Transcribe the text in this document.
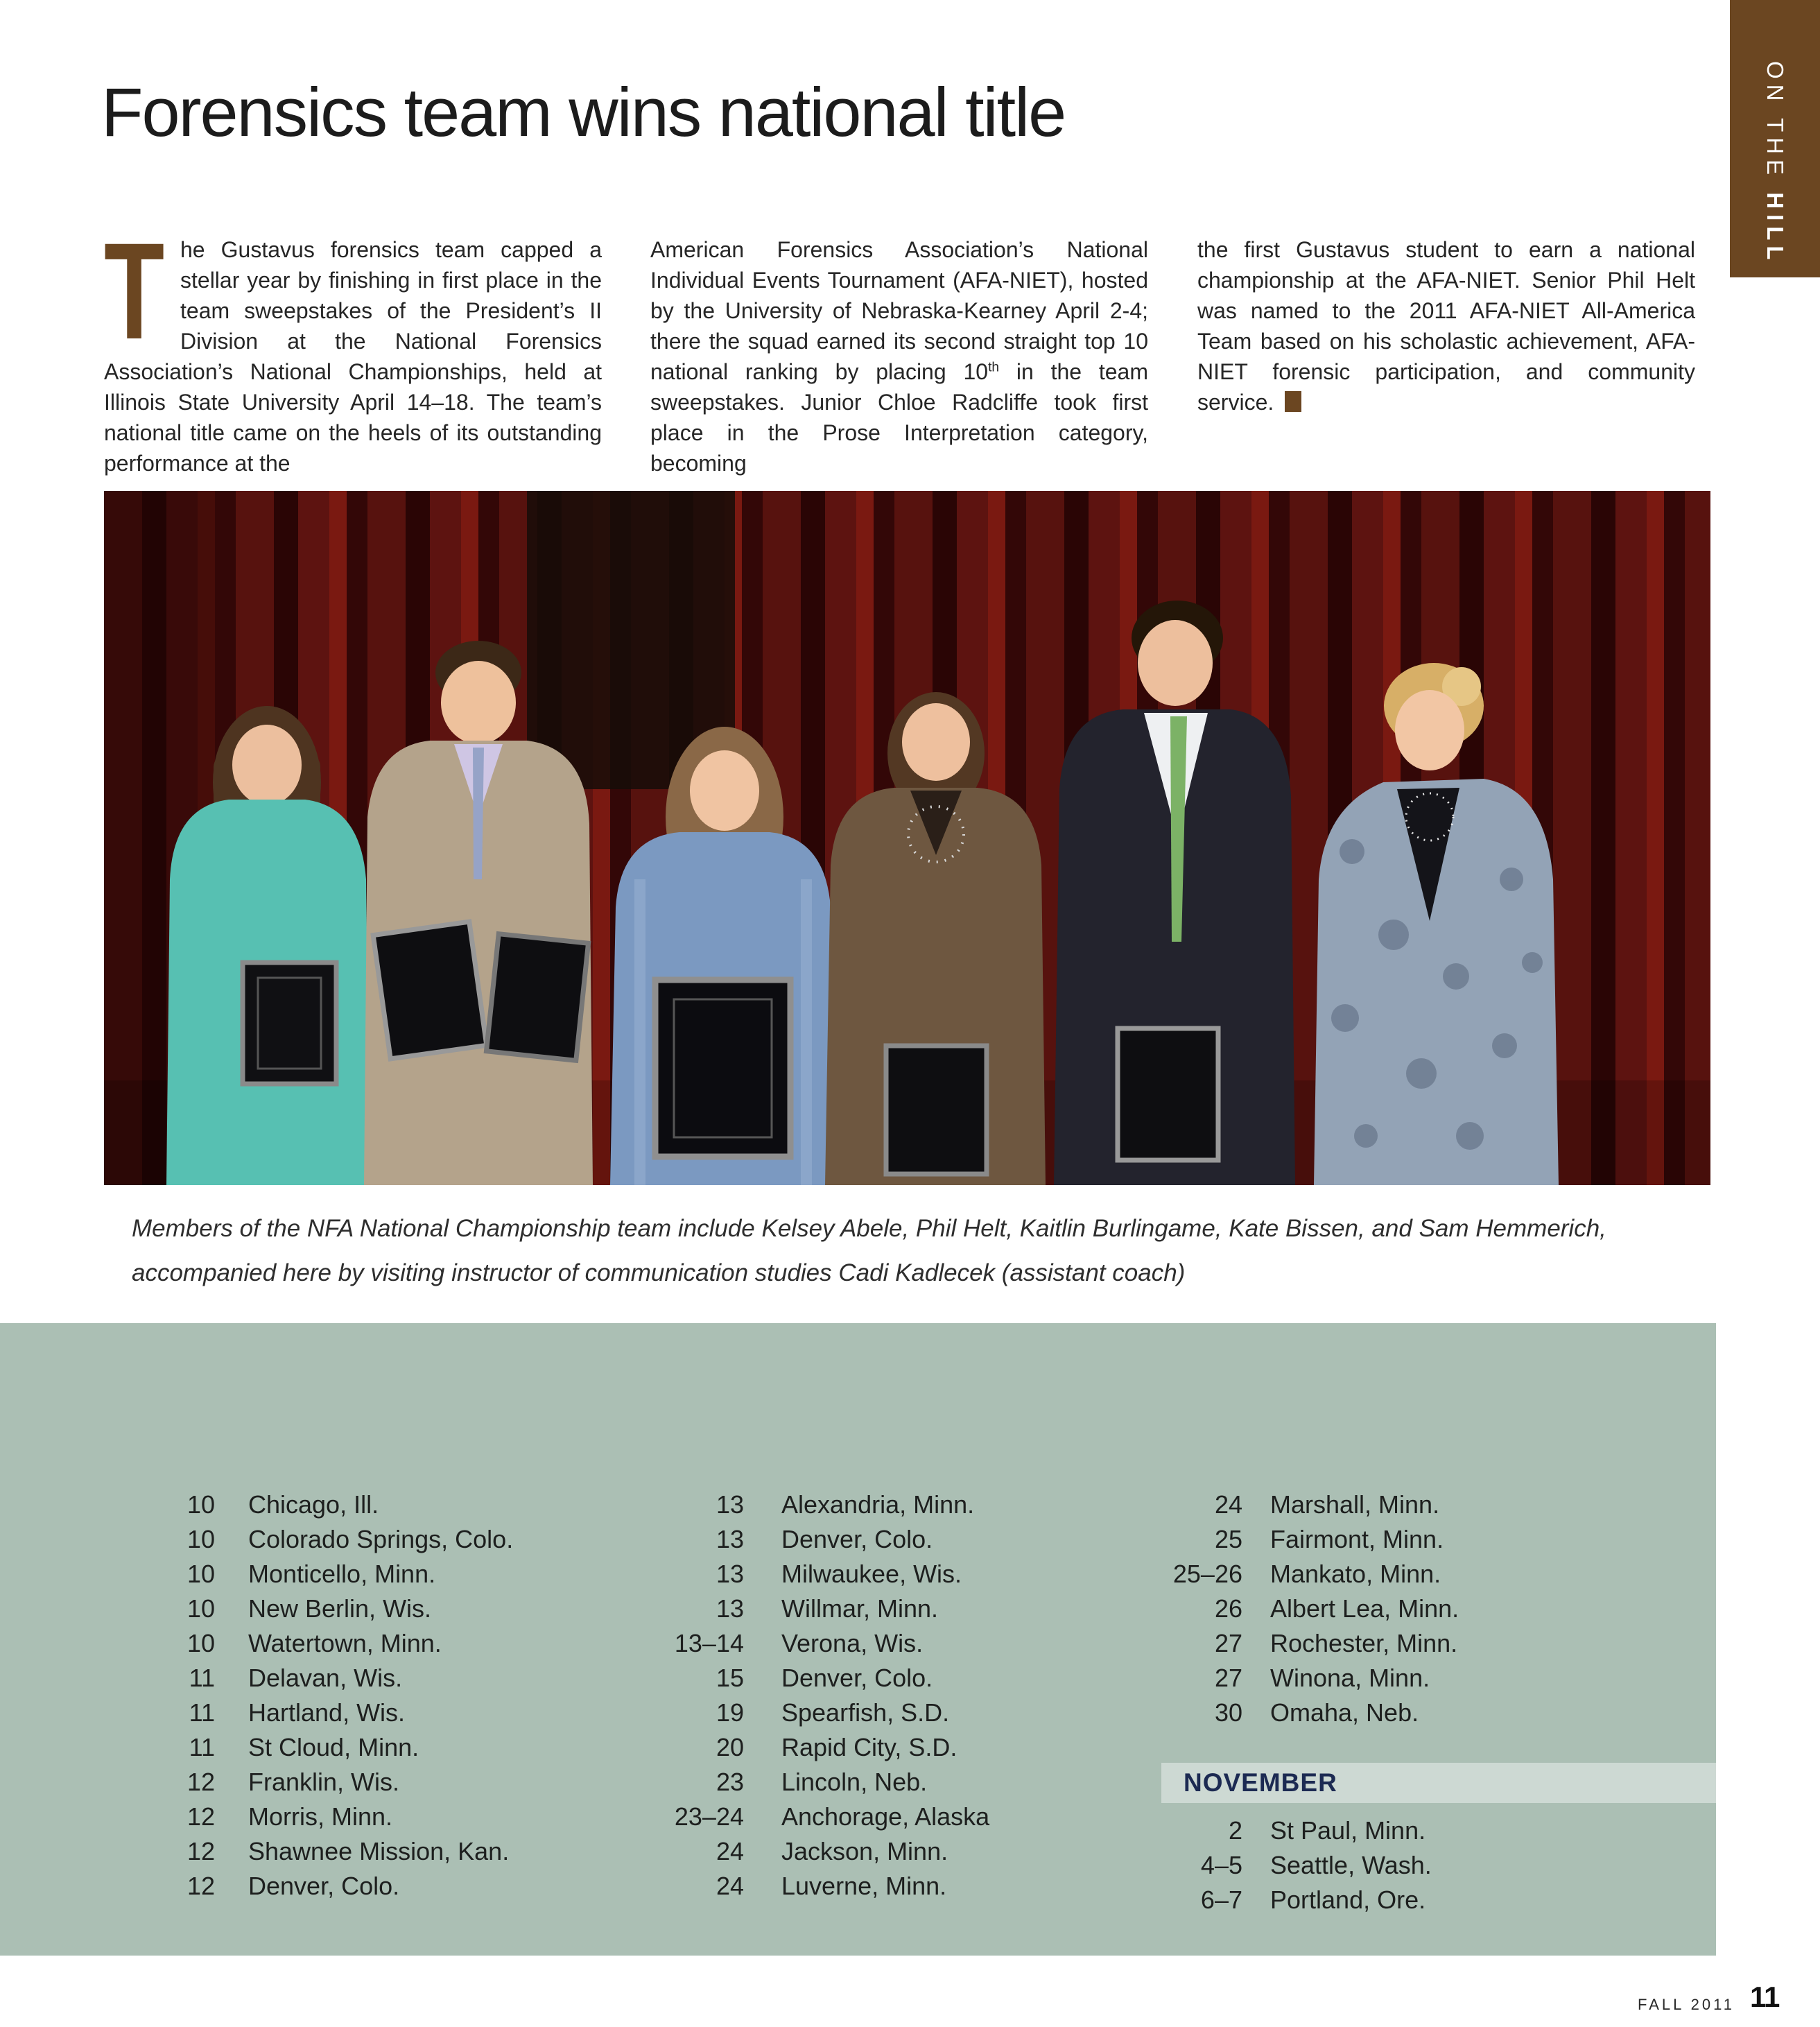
ON THE HILL
Forensics team wins national title
The Gustavus forensics team capped a stellar year by finishing in first place in the team sweepstakes of the President’s II Division at the National Forensics Association’s National Championships, held at Illinois State University April 14–18. The team’s national title came on the heels of its outstanding performance at the
American Forensics Association’s National Individual Events Tournament (AFA-NIET), hosted by the University of Nebraska-Kearney April 2-4; there the squad earned its second straight top 10 national ranking by placing 10th in the team sweepstakes. Junior Chloe Radcliffe took first place in the Prose Interpretation category, becoming
the first Gustavus student to earn a national championship at the AFA-NIET. Senior Phil Helt was named to the 2011 AFA-NIET All-America Team based on his scholastic achievement, AFA-NIET forensic participation, and community service.
Members of the NFA National Championship team include Kelsey Abele, Phil Helt, Kaitlin Burlingame, Kate Bissen, and Sam Hemmerich, accompanied here by visiting instructor of communication studies Cadi Kadlecek (assistant coach)
10 Chicago, Ill.
10 Colorado Springs, Colo.
10 Monticello, Minn.
10 New Berlin, Wis.
10 Watertown, Minn.
11 Delavan, Wis.
11 Hartland, Wis.
11 St Cloud, Minn.
12 Franklin, Wis.
12 Morris, Minn.
12 Shawnee Mission, Kan.
12 Denver, Colo.
13 Alexandria, Minn.
13 Denver, Colo.
13 Milwaukee, Wis.
13 Willmar, Minn.
13–14 Verona, Wis.
15 Denver, Colo.
19 Spearfish, S.D.
20 Rapid City, S.D.
23 Lincoln, Neb.
23–24 Anchorage, Alaska
24 Jackson, Minn.
24 Luverne, Minn.
24 Marshall, Minn.
25 Fairmont, Minn.
25–26 Mankato, Minn.
26 Albert Lea, Minn.
27 Rochester, Minn.
27 Winona, Minn.
30 Omaha, Neb.
NOVEMBER
2 St Paul, Minn.
4–5 Seattle, Wash.
6–7 Portland, Ore.
FALL 2011 11
